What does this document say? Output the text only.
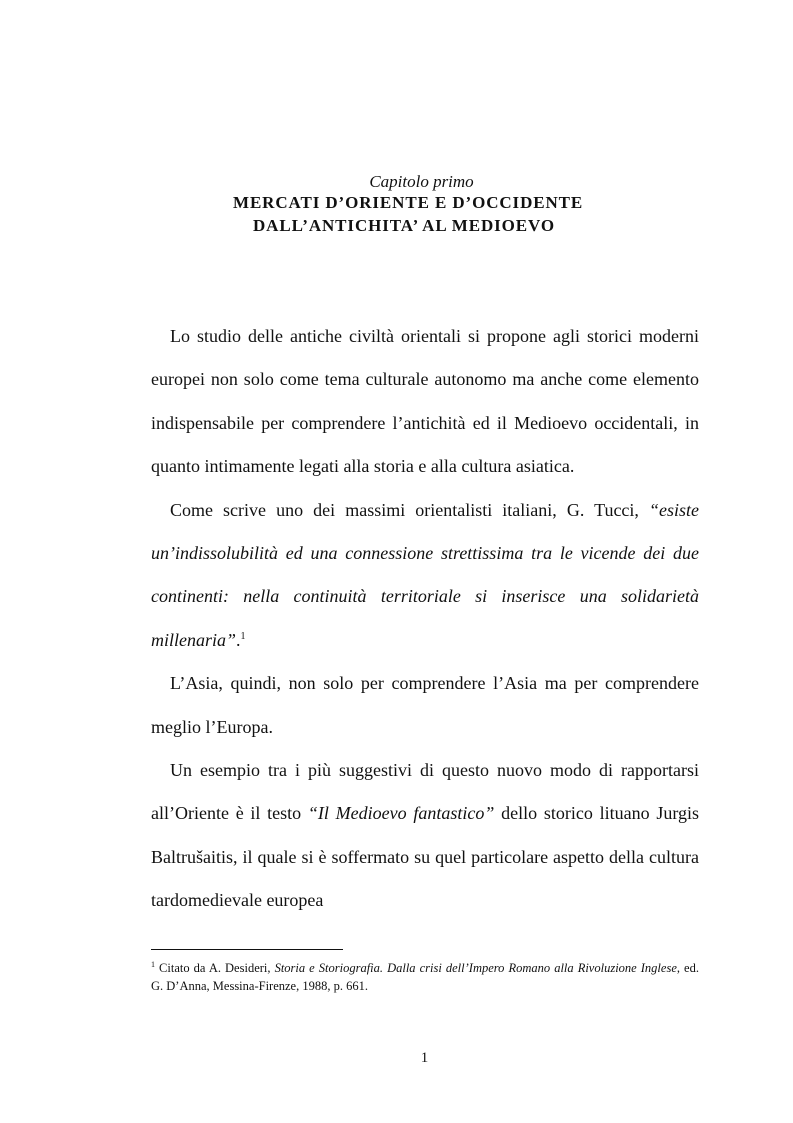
Capitolo primo
MERCATI D’ORIENTE E D’OCCIDENTE
DALL’ANTICHITA’ AL MEDIOEVO

Lo studio delle antiche civiltà orientali si propone agli storici moderni europei non solo come tema culturale autonomo ma anche come elemento indispensabile per comprendere l’antichità ed il Medioevo occidentali, in quanto intimamente legati alla storia e alla cultura asiatica.

Come scrive uno dei massimi orientalisti italiani, G. Tucci, “esiste un’indissolubilità ed una connessione strettissima tra le vicende dei due continenti: nella continuità territoriale si inserisce una solidarietà millenaria”.$^1$

L’Asia, quindi, non solo per comprendere l’Asia ma per comprendere meglio l’Europa.

Un esempio tra i più suggestivi di questo nuovo modo di rapportarsi all’Oriente è il testo “Il Medioevo fantastico” dello storico lituano Jurgis Baltrušaitis, il quale si è soffermato su quel particolare aspetto della cultura tardomedievale europea

$^1$ Citato da A. Desideri, Storia e Storiografia. Dalla crisi dell’Impero Romano alla Rivoluzione Inglese, ed. G. D’Anna, Messina-Firenze, 1988, p. 661.
1
